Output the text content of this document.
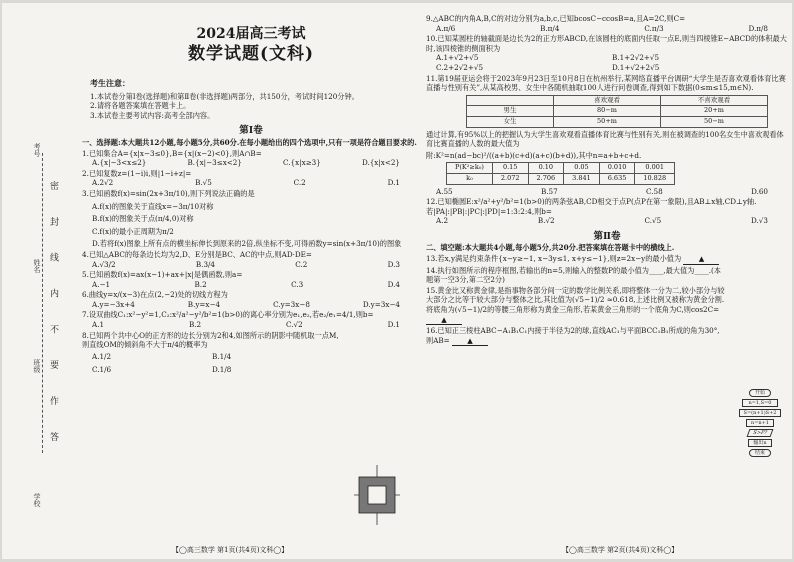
考号
姓名
班级
学校
密 封 线 内 不 要 作 答
2024届高三考试
数学试题(文科)
考生注意：
1.本试卷分第Ⅰ卷(选择题)和第Ⅱ卷(非选择题)两部分，共150分，考试时间120分钟。
2.请将各题答案填在答题卡上。
3.本试卷主要考试内容:高考全部内容。
第Ⅰ卷
一、选择题:本大题共12小题,每小题5分,共60分.在每小题给出的四个选项中,只有一项是符合题目要求的.
1.已知集合A={x|x−3≤0},B={x|(x−2)<0},则A∩B=
A.{x|−3<x≤2}	B.{x|−3≤x<2}	C.{x|x≥3}	D.{x|x<2}
2.已知复数z=(1−i)i,则|1−i+z|=
A.2√2	B.√5	C.2	D.1
3.已知函数f(x)=sin(2x+3π/10),则下列说法正确的是
A.f(x)的图象关于直线x=−3π/10对称
B.f(x)的图象关于点(π/4,0)对称
C.f(x)的最小正周期为π/2
D.若将f(x)图象上所有点的横坐标伸长到原来的2倍,纵坐标不变,可得函数y=sin(x+3π/10)的图象
4.已知△ABC的每条边长均为2,D、E分别是BC、AC的中点,则AD·DE=
A.√3/2	B.3/4	C.2	D.3
5.已知函数f(x)=ax(x−1)+ax+|x|是偶函数,则a=
A.−1	B.2	C.3	D.4
6.曲线y=x/(x−3)在点(2,−2)处的切线方程为
A.y=−3x+4	B.y=x−4	C.y=3x−8	D.y=3x−4
7.设双曲线C₁:x²−y²=1,C₂:x²/a²−y²/b²=1(b>0)的离心率分别为e₁,e₂,若e₂/e₁=4/1,则b=
A.1	B.2	C.√2	D.1
8.已知两个共中心O的正方形的边长分别为2和4,如图所示的阴影中随机取一点M,则直线OM的倾斜角不大于π/4的概率为
A.1/2	B.1/4
C.1/6	D.1/8
【◯高三数学 第1页(共4页)文科◯】
9.△ABC的内角A,B,C的对边分别为a,b,c,已知bcosC−ccosB=a,且A=2C,则C=
A.π/6	B.π/4	C.π/3	D.π/8
10.已知某圆柱的轴截面是边长为2的正方形ABCD,在该圆柱的底面内任取一点E,则当四棱锥E−ABCD的体积最大时,该四棱锥的侧面积为
A.1+√2+√5	B.1+2√2+√5
C.2+2√2+√5	D.1+√2+2√5
11.第19届亚运会将于2023年9月23日至10月8日在杭州举行,某网络直播平台调研“大学生是否喜欢观看体育比赛直播与性别有关”,从某高校男、女生中各随机抽取100人进行问卷调查,得到如下数据(0≤m≤15,m∈N).
	喜欢观看	不喜欢观看
男生	80−m	20+m
女生	50+m	50−m
通过计算,有95%以上的把握认为大学生喜欢观看直播体育比赛与性别有关,则在被调查的100名女生中喜欢观看体育比赛直播的人数的最大值为
附:K²=n(ad−bc)²/((a+b)(c+d)(a+c)(b+d)),其中n=a+b+c+d.
P(K²≥k₀)	0.15	0.10	0.05	0.010	0.001
k₀	2.072	2.706	3.841	6.635	10.828
A.55	B.57	C.58	D.60
12.已知椭圆E:x²/a²+y²/b²=1(b>0)的两条弦AB,CD相交于点P(点P在第一象限),且AB⊥x轴,CD⊥y轴.若|PA|:|PB|:|PC|:|PD|=1:3:2:4,则b=
A.2	B.√2	C.√5	D.√3
第Ⅱ卷
二、填空题:本大题共4小题,每小题5分,共20分.把答案填在答题卡中的横线上.
13.若x,y满足约束条件{x−y≥−1, x−3y≤1, x+y≤−1},则z=2x−y的最小值为 ▲
14.执行如图所示的程序框图,若输出的n=5,则输入的整数P的最小值为____,最大值为____.(本题第一空3分,第二空2分)
15.黄金比又称黄金律,是指事物各部分间一定的数学比例关系,即将整体一分为二,较小部分与较大部分之比等于较大部分与整体之比,其比值为(√5−1)/2 ≈0.618,上述比例又被称为黄金分割.将底角为(√5−1)/2的等腰三角形称为黄金三角形,若某黄金三角形的一个底角为C,则cos2C= ▲
16.已知正三棱柱ABC−A₁B₁C₁内接于半径为2的球,直线AC₁与平面BCC₁B₁所成的角为30°,则AB= ▲
开始
n=1,S=0
S=(n+1)S+2
n=n+1
S>P?
输出n
结束
【◯高三数学 第2页(共4页)文科◯】
